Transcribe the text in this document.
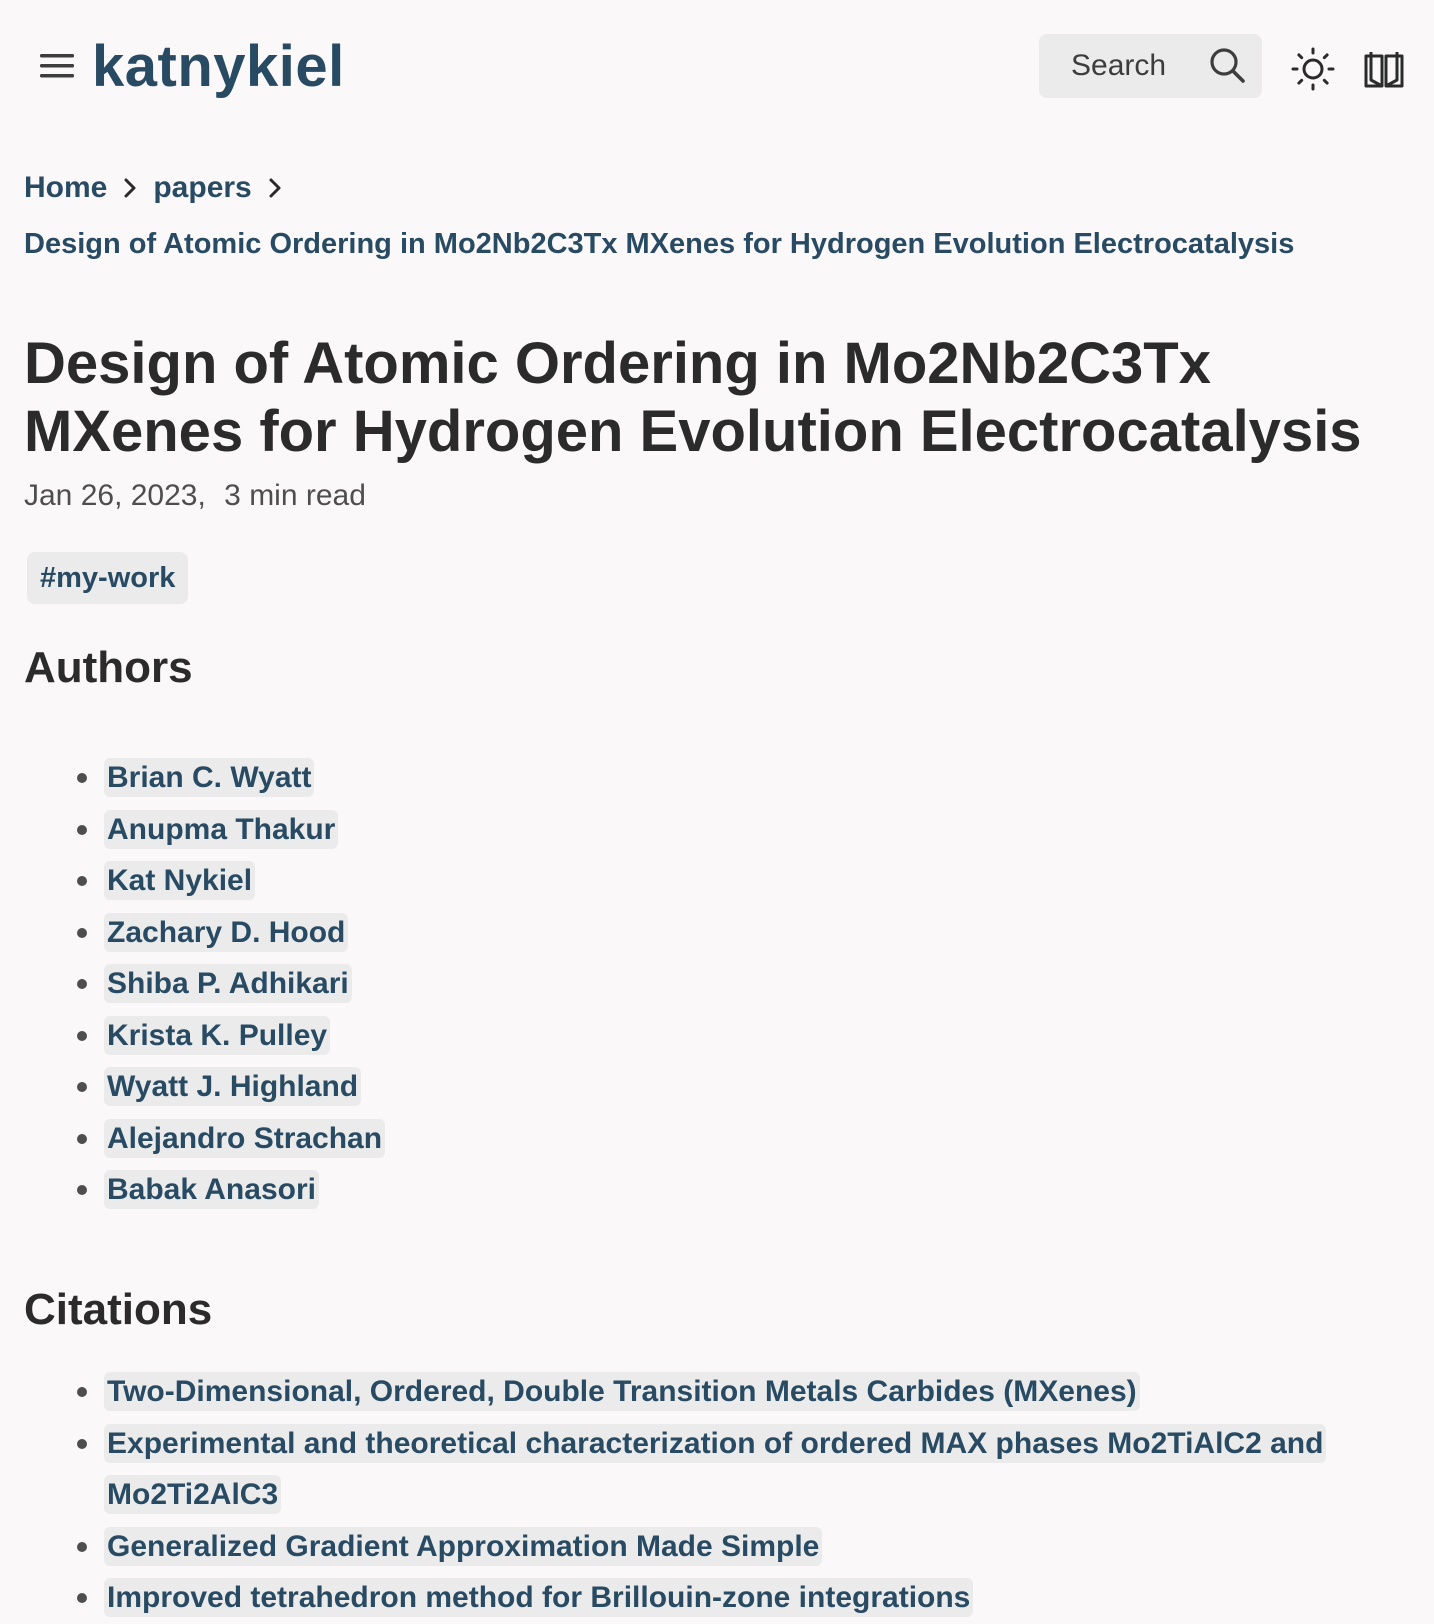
katnykiel	Search
Home papers
Design of Atomic Ordering in Mo2Nb2C3Tx MXenes for Hydrogen Evolution Electrocatalysis
Design of Atomic Ordering in Mo2Nb2C3Tx MXenes for Hydrogen Evolution Electrocatalysis
Jan 26, 2023, 3 min read
#my-work
Authors
Brian C. Wyatt
Anupma Thakur
Kat Nykiel
Zachary D. Hood
Shiba P. Adhikari
Krista K. Pulley
Wyatt J. Highland
Alejandro Strachan
Babak Anasori
Citations
Two-Dimensional, Ordered, Double Transition Metals Carbides (MXenes)
Experimental and theoretical characterization of ordered MAX phases Mo2TiAlC2 and Mo2Ti2AlC3
Generalized Gradient Approximation Made Simple
Improved tetrahedron method for Brillouin-zone integrations
